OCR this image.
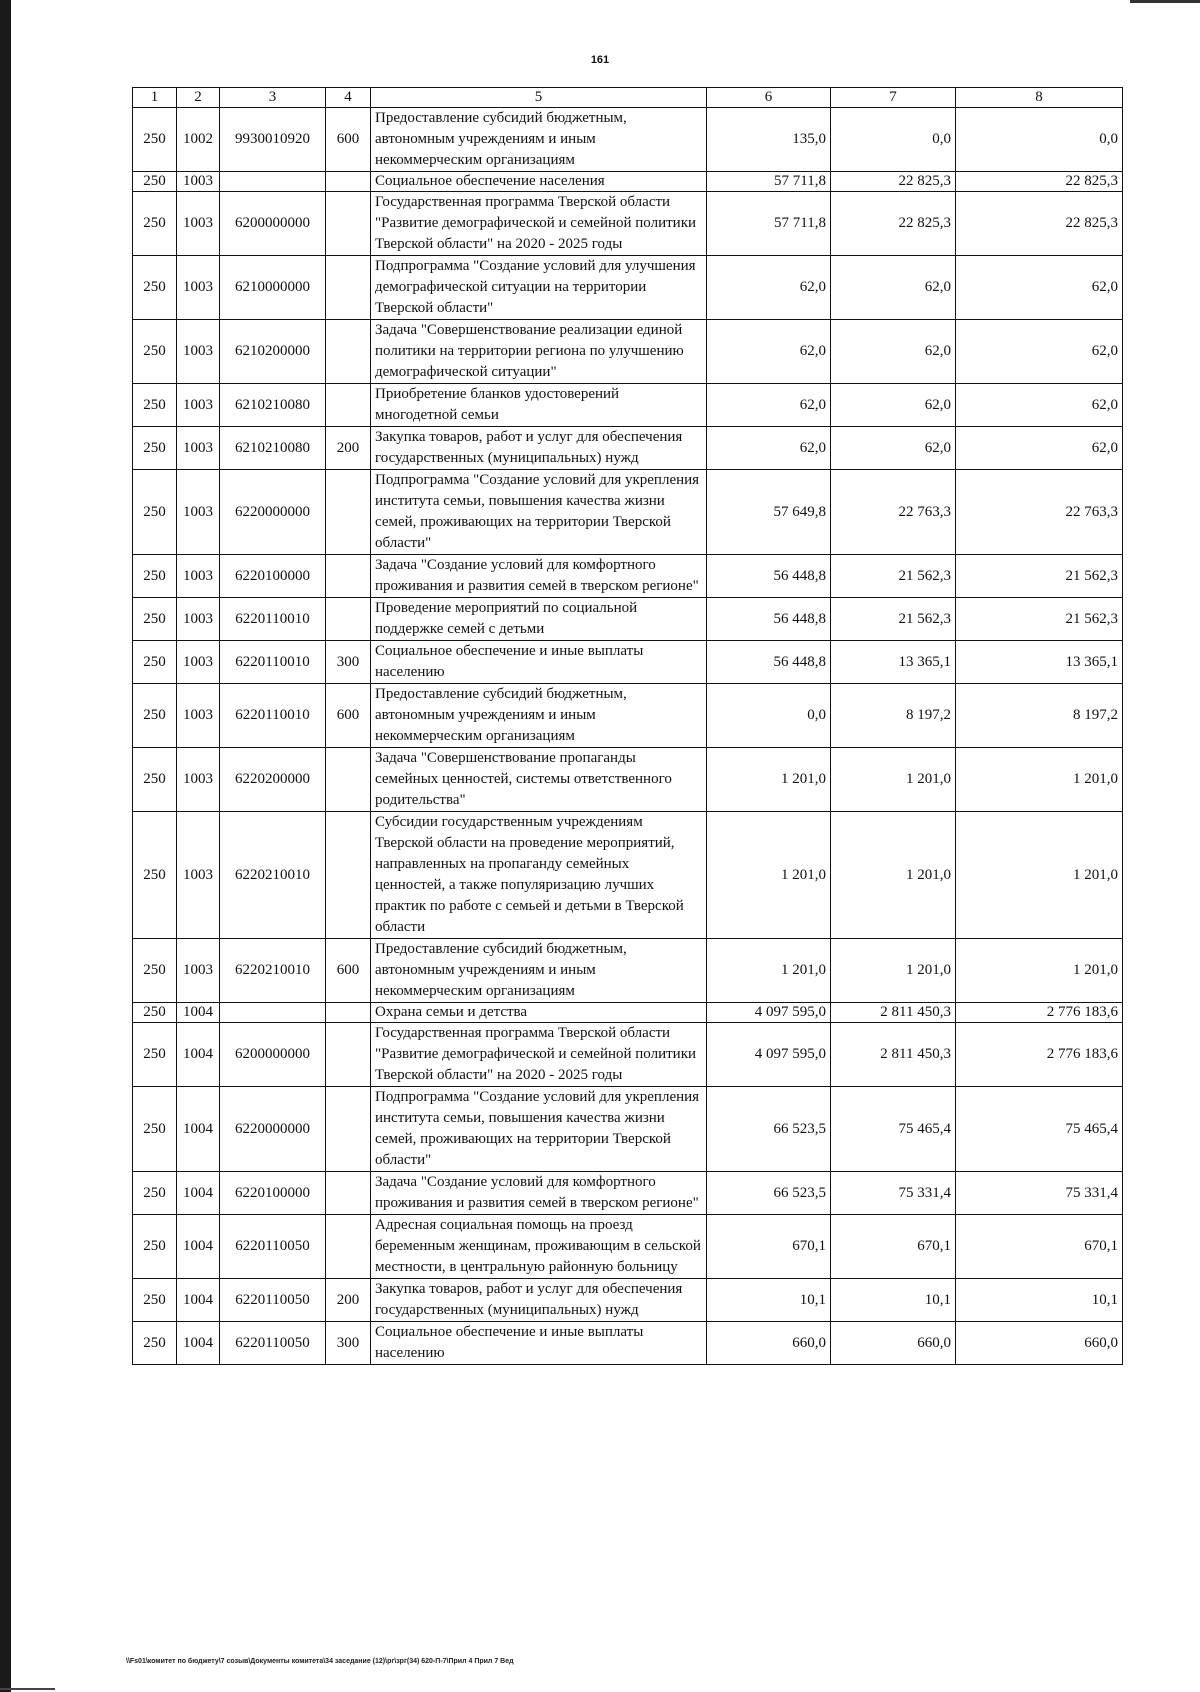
161
1	2	3	4	5	6	7	8
250	1002	9930010920	600	Предоставление субсидий бюджетным, автономным учреждениям и иным некоммерческим организациям	135,0	0,0	0,0
250	1003			Социальное обеспечение населения	57 711,8	22 825,3	22 825,3
250	1003	6200000000		Государственная программа Тверской области "Развитие демографической и семейной политики Тверской области" на 2020 - 2025 годы	57 711,8	22 825,3	22 825,3
250	1003	6210000000		Подпрограмма "Создание условий для улучшения демографической ситуации на территории Тверской области"	62,0	62,0	62,0
250	1003	6210200000		Задача "Совершенствование реализации единой политики на территории региона по улучшению демографической ситуации"	62,0	62,0	62,0
250	1003	6210210080		Приобретение бланков удостоверений многодетной семьи	62,0	62,0	62,0
250	1003	6210210080	200	Закупка товаров, работ и услуг для обеспечения государственных (муниципальных) нужд	62,0	62,0	62,0
250	1003	6220000000		Подпрограмма "Создание условий для укрепления института семьи, повышения качества жизни семей, проживающих на территории Тверской области"	57 649,8	22 763,3	22 763,3
250	1003	6220100000		Задача "Создание условий для комфортного проживания и развития семей в тверском регионе"	56 448,8	21 562,3	21 562,3
250	1003	6220110010		Проведение мероприятий по социальной поддержке семей с детьми	56 448,8	21 562,3	21 562,3
250	1003	6220110010	300	Социальное обеспечение и иные выплаты населению	56 448,8	13 365,1	13 365,1
250	1003	6220110010	600	Предоставление субсидий бюджетным, автономным учреждениям и иным некоммерческим организациям	0,0	8 197,2	8 197,2
250	1003	6220200000		Задача "Совершенствование пропаганды семейных ценностей, системы ответственного родительства"	1 201,0	1 201,0	1 201,0
250	1003	6220210010		Субсидии государственным учреждениям Тверской области на проведение мероприятий, направленных на пропаганду семейных ценностей, а также популяризацию лучших практик по работе с семьей и детьми в Тверской области	1 201,0	1 201,0	1 201,0
250	1003	6220210010	600	Предоставление субсидий бюджетным, автономным учреждениям и иным некоммерческим организациям	1 201,0	1 201,0	1 201,0
250	1004			Охрана семьи и детства	4 097 595,0	2 811 450,3	2 776 183,6
250	1004	6200000000		Государственная программа Тверской области "Развитие демографической и семейной политики Тверской области" на 2020 - 2025 годы	4 097 595,0	2 811 450,3	2 776 183,6
250	1004	6220000000		Подпрограмма "Создание условий для укрепления института семьи, повышения качества жизни семей, проживающих на территории Тверской области"	66 523,5	75 465,4	75 465,4
250	1004	6220100000		Задача "Создание условий для комфортного проживания и развития семей в тверском регионе"	66 523,5	75 331,4	75 331,4
250	1004	6220110050		Адресная социальная помощь на проезд беременным женщинам, проживающим в сельской местности, в центральную районную больницу	670,1	670,1	670,1
250	1004	6220110050	200	Закупка товаров, работ и услуг для обеспечения государственных (муниципальных) нужд	10,1	10,1	10,1
250	1004	6220110050	300	Социальное обеспечение и иные выплаты населению	660,0	660,0	660,0
\\Fs01\комитет по бюджету\7 созыв\Документы комитета\34 заседание (12)\рг\зрг(34) 620-П-7\Прил 4 Прил 7 Вед
